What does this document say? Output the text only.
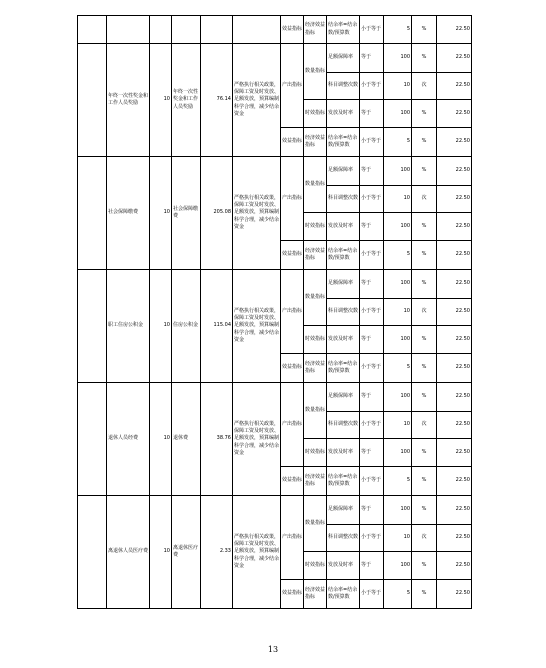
						效益指标	经济效益指标	结余率=结余数/预算数	小于等于	5	%	22.50
	年终一次性奖金和工作人员奖励	10	年终一次性奖金和工作人员奖励	76.14	严格执行相关政策，保障工资及时发放、足额发放，预算编制科学合理，减少结余资金	产出指标	数量指标	足额保障率	等于	100	%	22.50
								科目调整次数	小于等于	10	次	22.50
							时效指标	发放及时率	等于	100	%	22.50
						效益指标	经济效益指标	结余率=结余数/预算数	小于等于	5	%	22.50
	社会保障缴费	10	社会保障缴费	205.08	严格执行相关政策，保障工资及时发放、足额发放，预算编制科学合理，减少结余资金	产出指标	数量指标	足额保障率	等于	100	%	22.50
								科目调整次数	小于等于	10	次	22.50
							时效指标	发放及时率	等于	100	%	22.50
						效益指标	经济效益指标	结余率=结余数/预算数	小于等于	5	%	22.50
	职工住房公积金	10	住房公积金	115.04	严格执行相关政策，保障工资及时发放、足额发放，预算编制科学合理，减少结余资金	产出指标	数量指标	足额保障率	等于	100	%	22.50
								科目调整次数	小于等于	10	次	22.50
							时效指标	发放及时率	等于	100	%	22.50
						效益指标	经济效益指标	结余率=结余数/预算数	小于等于	5	%	22.50
	退休人员经费	10	退休费	38.76	严格执行相关政策，保障工资及时发放、足额发放，预算编制科学合理，减少结余资金	产出指标	数量指标	足额保障率	等于	100	%	22.50
								科目调整次数	小于等于	10	次	22.50
							时效指标	发放及时率	等于	100	%	22.50
						效益指标	经济效益指标	结余率=结余数/预算数	小于等于	5	%	22.50
	离退休人员医疗费	10	离退休医疗费	2.33	严格执行相关政策，保障工资及时发放、足额发放，预算编制科学合理，减少结余资金	产出指标	数量指标	足额保障率	等于	100	%	22.50
								科目调整次数	小于等于	10	次	22.50
							时效指标	发放及时率	等于	100	%	22.50
						效益指标	经济效益指标	结余率=结余数/预算数	小于等于	5	%	22.50
13
